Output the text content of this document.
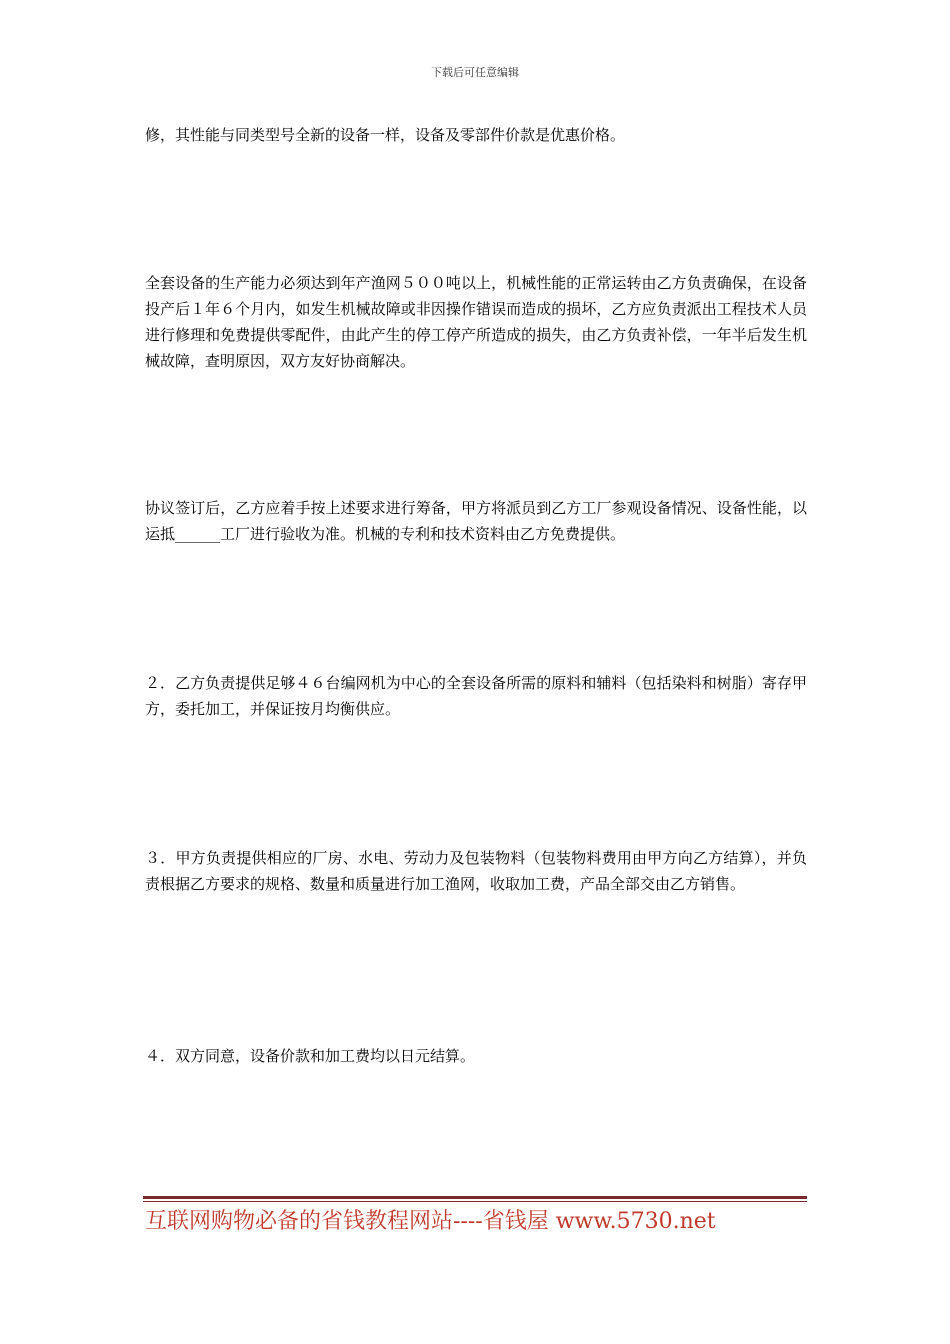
下载后可任意编辑

修，其性能与同类型号全新的设备一样，设备及零部件价款是优惠价格。

全套设备的生产能力必须达到年产渔网５００吨以上，机械性能的正常运转由乙方负责确保，在设备投产后１年６个月内，如发生机械故障或非因操作错误而造成的损坏，乙方应负责派出工程技术人员进行修理和免费提供零配件，由此产生的停工停产所造成的损失，由乙方负责补偿，一年半后发生机械故障，查明原因，双方友好协商解决。

协议签订后，乙方应着手按上述要求进行筹备，甲方将派员到乙方工厂参观设备情况、设备性能，以运抵______工厂进行验收为准。机械的专利和技术资料由乙方免费提供。

２．乙方负责提供足够４６台编网机为中心的全套设备所需的原料和辅料（包括染料和树脂）寄存甲方，委托加工，并保证按月均衡供应。

３．甲方负责提供相应的厂房、水电、劳动力及包装物料（包装物料费用由甲方向乙方结算），并负责根据乙方要求的规格、数量和质量进行加工渔网，收取加工费，产品全部交由乙方销售。

４．双方同意，设备价款和加工费均以日元结算。

互联网购物必备的省钱教程网站----省钱屋 www.5730.net
